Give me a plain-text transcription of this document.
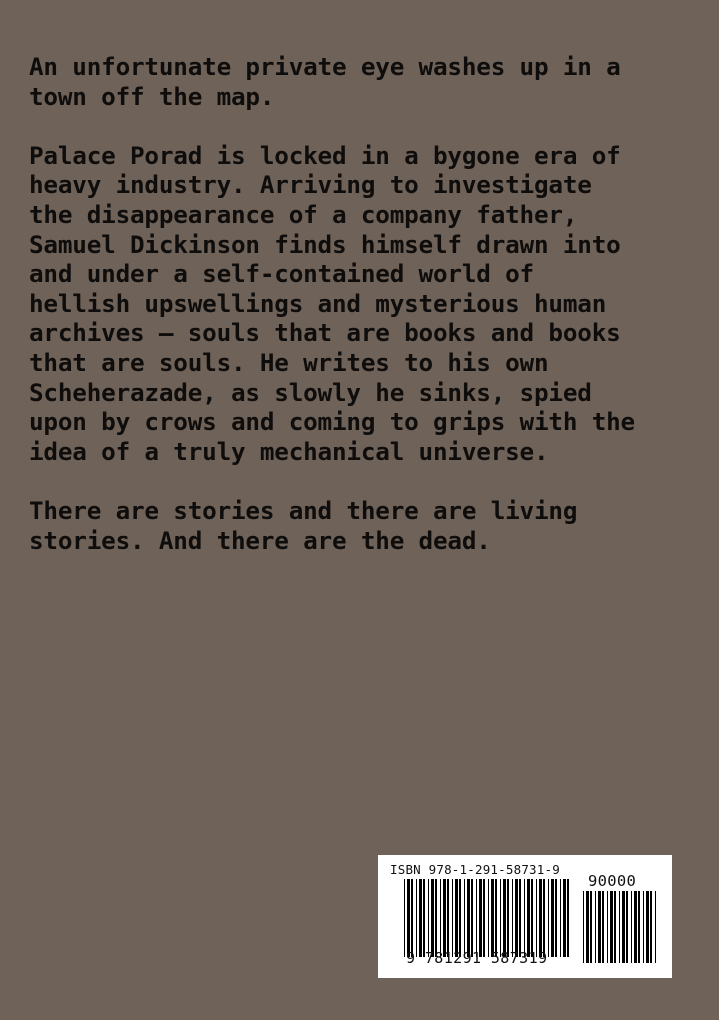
An unfortunate private eye washes up in a
town off the map.

Palace Porad is locked in a bygone era of
heavy industry. Arriving to investigate
the disappearance of a company father,
Samuel Dickinson finds himself drawn into
and under a self-contained world of
hellish upswellings and mysterious human
archives – souls that are books and books
that are souls. He writes to his own
Scheherazade, as slowly he sinks, spied
upon by crows and coming to grips with the
idea of a truly mechanical universe.

There are stories and there are living
stories. And there are the dead.

ISBN 978-1-291-58731-9
90000
9 781291 587319
